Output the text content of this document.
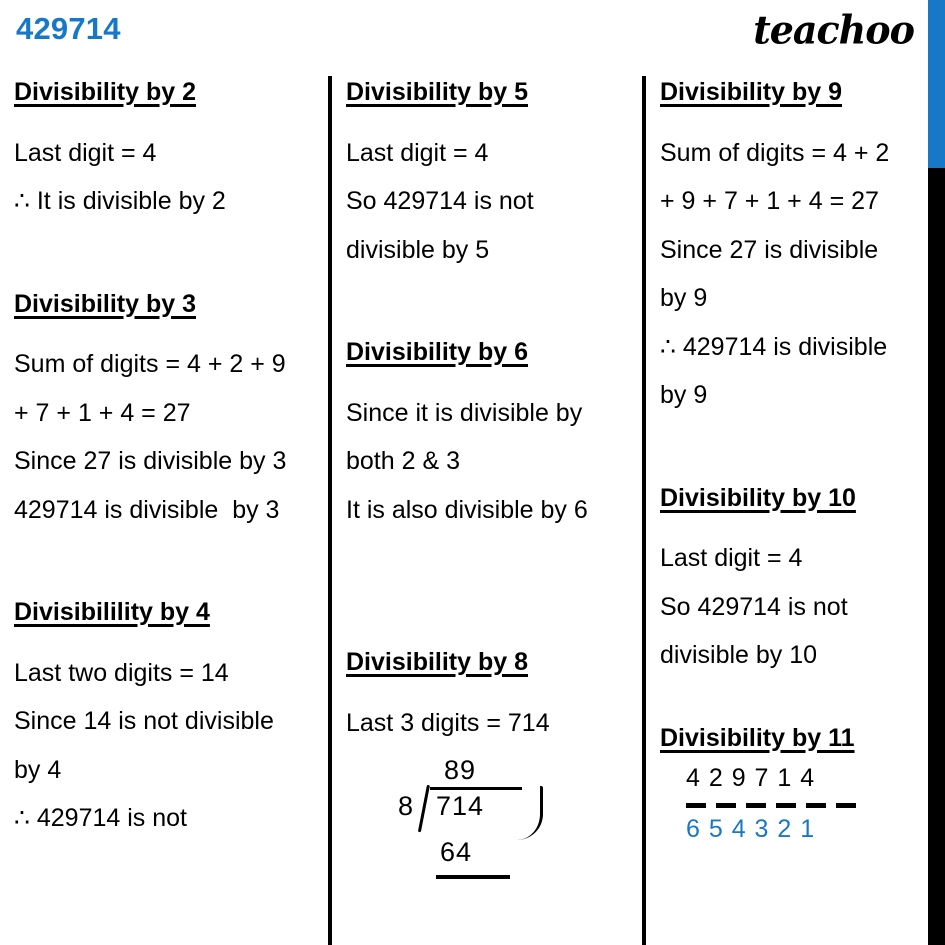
429714	teachoo
Divisibility by 2
Last digit = 4
∴ It is divisible by 2
Divisibility by 3
Sum of digits = 4 + 2 + 9
+ 7 + 1 + 4 = 27
Since 27 is divisible by 3
429714 is divisible  by 3
Divisibilility by 4
Last two digits = 14
Since 14 is not divisible
by 4
∴ 429714 is not
Divisibility by 5
Last digit = 4
So 429714 is not
divisible by 5
Divisibility by 6
Since it is divisible by
both 2 & 3
It is also divisible by 6
Divisibility by 8
Last 3 digits = 714
89
8 714
64
Divisibility by 9
Sum of digits = 4 + 2
+ 9 + 7 + 1 + 4 = 27
Since 27 is divisible
by 9
∴ 429714 is divisible
by 9
Divisibility by 10
Last digit = 4
So 429714 is not
divisible by 10
Divisibility by 11
4 2 9 7 1 4
6 5 4 3 2 1
